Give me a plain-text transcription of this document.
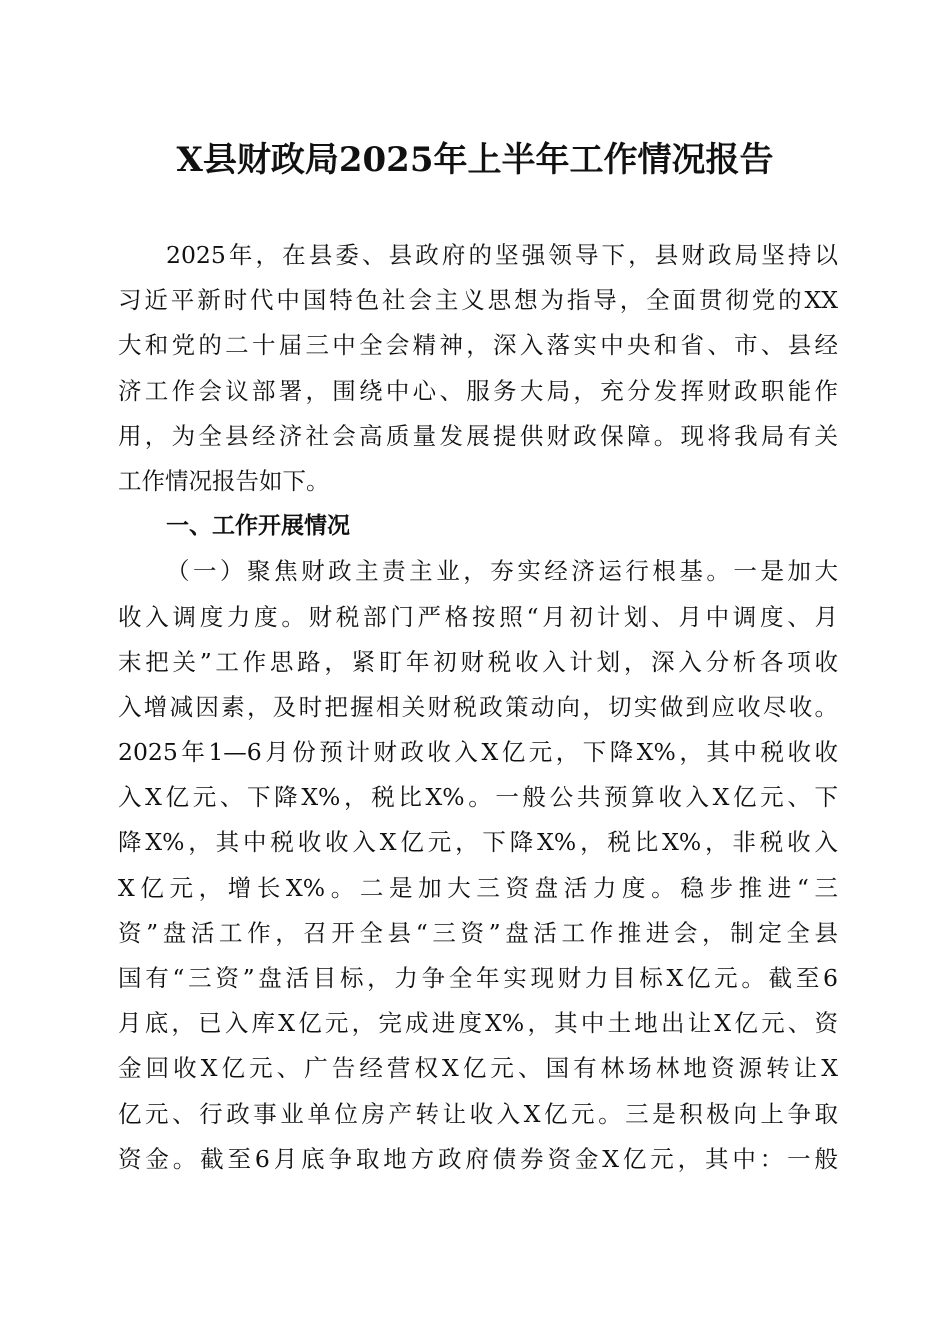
X县财政局2025年上半年工作情况报告
2025年，在县委、县政府的坚强领导下，县财政局坚持以
习近平新时代中国特色社会主义思想为指导，全面贯彻党的XX
大和党的二十届三中全会精神，深入落实中央和省、市、县经
济工作会议部署，围绕中心、服务大局，充分发挥财政职能作
用，为全县经济社会高质量发展提供财政保障。现将我局有关
工作情况报告如下。
一、工作开展情况
（一）聚焦财政主责主业，夯实经济运行根基。一是加大
收入调度力度。财税部门严格按照“月初计划、月中调度、月
末把关”工作思路，紧盯年初财税收入计划，深入分析各项收
入增减因素，及时把握相关财税政策动向，切实做到应收尽收。
2025年1—6月份预计财政收入X亿元，下降X%，其中税收收
入X亿元、下降X%，税比X%。一般公共预算收入X亿元、下
降X%，其中税收收入X亿元，下降X%，税比X%，非税收入
X亿元，增长X%。二是加大三资盘活力度。稳步推进“三
资”盘活工作，召开全县“三资”盘活工作推进会，制定全县
国有“三资”盘活目标，力争全年实现财力目标X亿元。截至6
月底，已入库X亿元，完成进度X%，其中土地出让X亿元、资
金回收X亿元、广告经营权X亿元、国有林场林地资源转让X
亿元、行政事业单位房产转让收入X亿元。三是积极向上争取
资金。截至6月底争取地方政府债券资金X亿元，其中：一般
